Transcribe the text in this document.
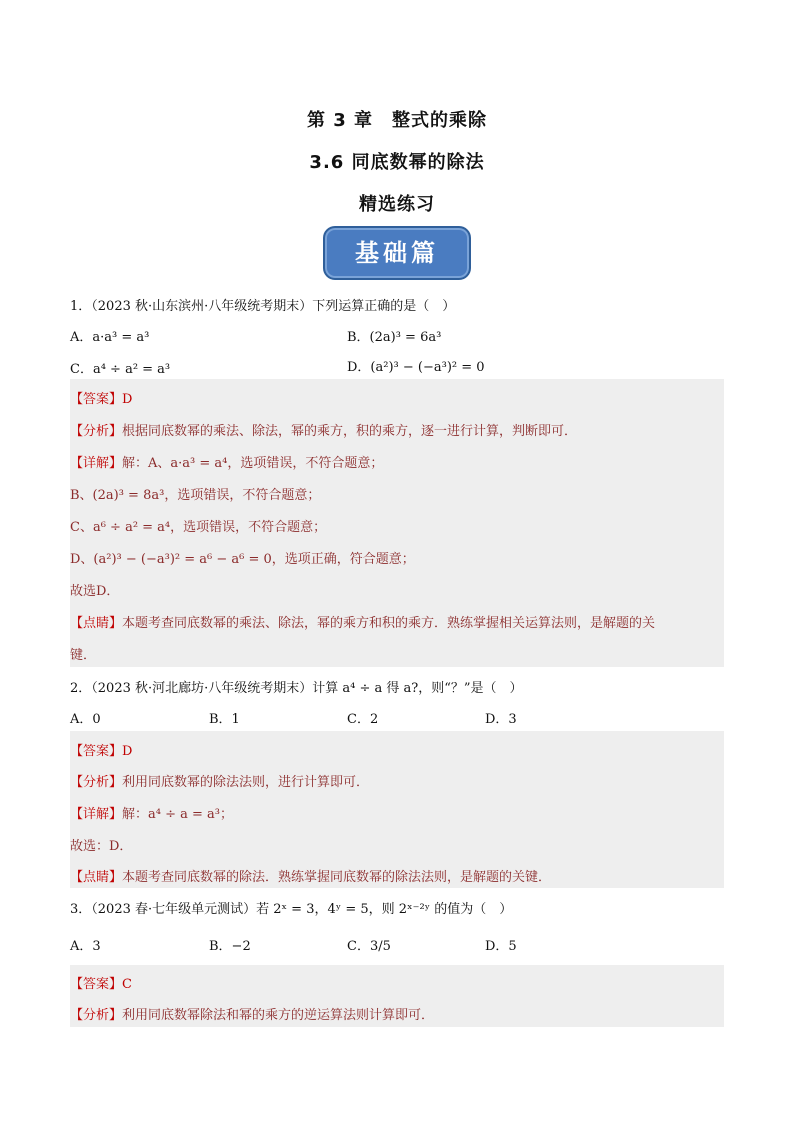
第 3 章　整式的乘除
3.6 同底数幂的除法
精选练习
基础篇
1．（2023 秋·山东滨州·八年级统考期末）下列运算正确的是（　）
A．a·a³ = a³	B．(2a)³ = 6a³
C．a⁴ ÷ a² = a³	D．(a²)³ − (−a³)² = 0
【答案】D
【分析】根据同底数幂的乘法、除法，幂的乘方，积的乘方，逐一进行计算，判断即可．
【详解】解：A、a·a³ = a⁴，选项错误，不符合题意；
B、(2a)³ = 8a³，选项错误，不符合题意；
C、a⁶ ÷ a² = a⁴，选项错误，不符合题意；
D、(a²)³ − (−a³)² = a⁶ − a⁶ = 0，选项正确，符合题意；
故选D．
【点睛】本题考查同底数幂的乘法、除法，幂的乘方和积的乘方．熟练掌握相关运算法则，是解题的关
键．
2．（2023 秋·河北廊坊·八年级统考期末）计算 a⁴ ÷ a 得 a?，则“？”是（　）
A．0	B．1	C．2	D．3
【答案】D
【分析】利用同底数幂的除法法则，进行计算即可．
【详解】解：a⁴ ÷ a = a³；
故选：D．
【点睛】本题考查同底数幂的除法．熟练掌握同底数幂的除法法则，是解题的关键．
3．（2023 春·七年级单元测试）若 2ˣ = 3，4ʸ = 5，则 2ˣ⁻²ʸ 的值为（　）
A．3	B．−2	C．3/5	D．5
【答案】C
【分析】利用同底数幂除法和幂的乘方的逆运算法则计算即可．
